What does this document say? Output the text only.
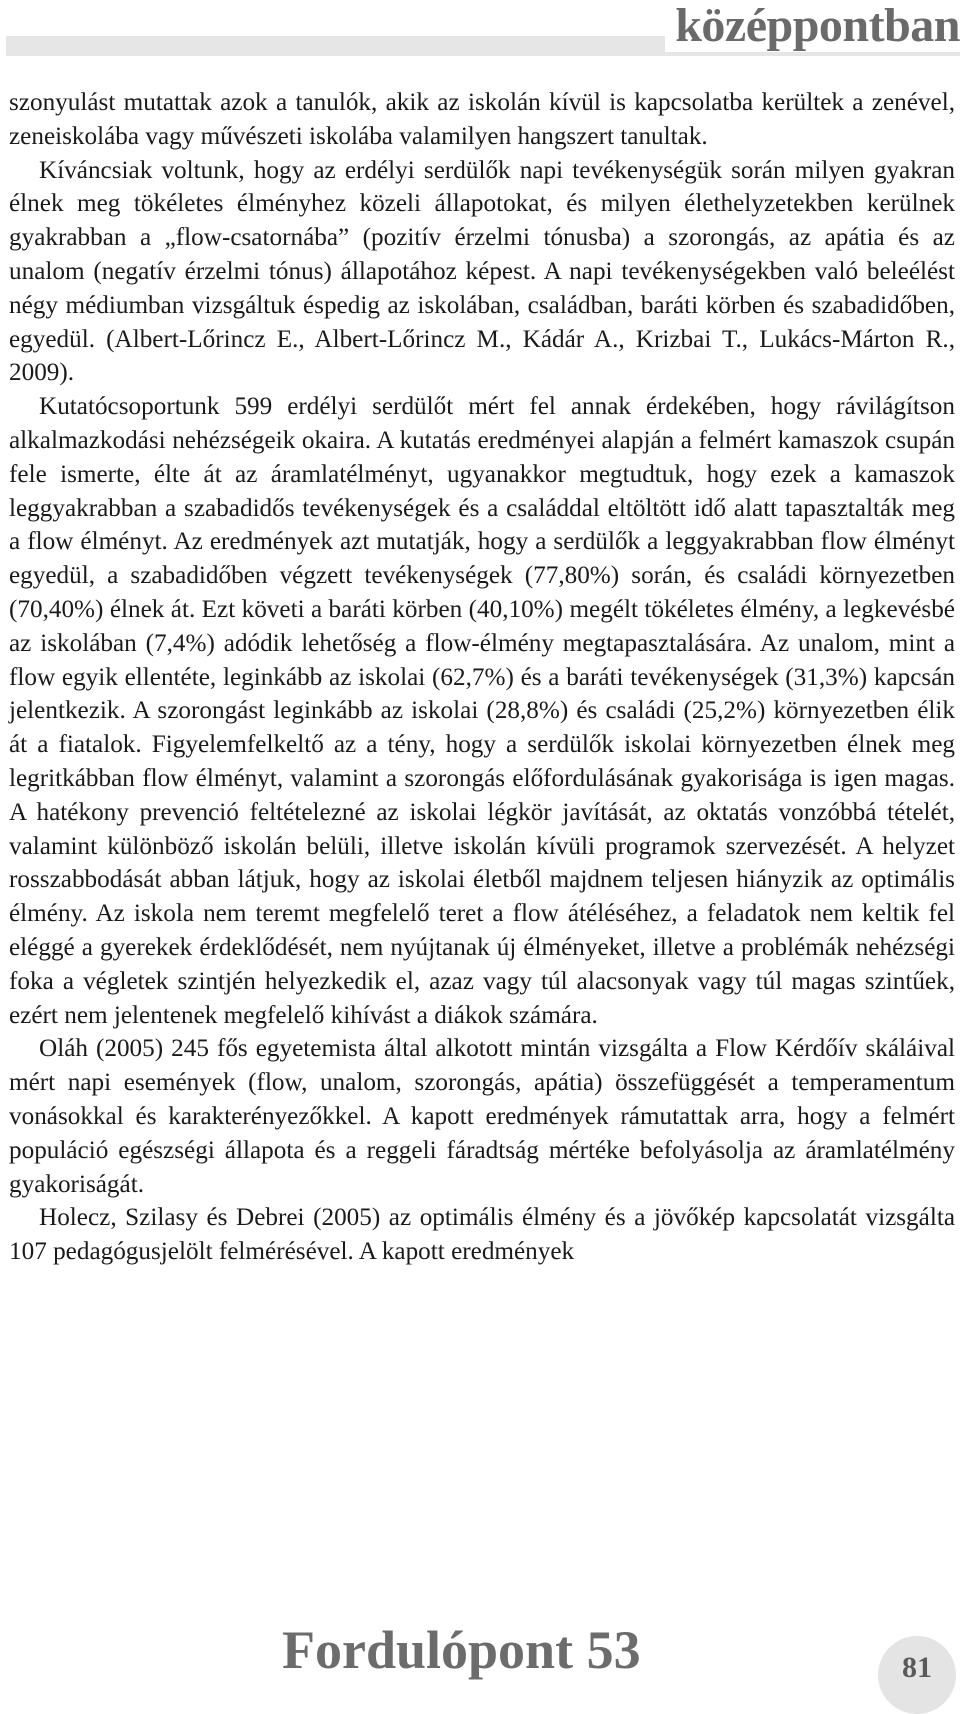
középpontban

szonyulást mutattak azok a tanulók, akik az iskolán kívül is kapcsolatba kerültek a zenével, zeneiskolába vagy művészeti iskolába valamilyen hangszert tanultak.

Kíváncsiak voltunk, hogy az erdélyi serdülők napi tevékenységük során milyen gyakran élnek meg tökéletes élményhez közeli állapotokat, és milyen élethelyzetekben kerülnek gyakrabban a „flow-csatornába” (pozitív érzelmi tónusba) a szorongás, az apátia és az unalom (negatív érzelmi tónus) állapotához képest. A napi tevékenységekben való beleélést négy médiumban vizsgáltuk éspedig az iskolában, családban, baráti körben és szabadidőben, egyedül. (Albert-Lőrincz E., Albert-Lőrincz M., Kádár A., Krizbai T., Lukács-Márton R., 2009).

Kutatócsoportunk 599 erdélyi serdülőt mért fel annak érdekében, hogy rávilágítson alkalmazkodási nehézségeik okaira. A kutatás eredményei alapján a felmért kamaszok csupán fele ismerte, élte át az áramlatélményt, ugyanakkor megtudtuk, hogy ezek a kamaszok leggyakrabban a szabadidős tevékenységek és a családdal eltöltött idő alatt tapasztalták meg a flow élményt. Az eredmények azt mutatják, hogy a serdülők a leggyakrabban flow élményt egyedül, a szabadidőben végzett tevékenységek (77,80%) során, és családi környezetben (70,40%) élnek át. Ezt követi a baráti körben (40,10%) megélt tökéletes élmény, a legkevésbé az iskolában (7,4%) adódik lehetőség a flow-élmény megtapasztalására. Az unalom, mint a flow egyik ellentéte, leginkább az iskolai (62,7%) és a baráti tevékenységek (31,3%) kapcsán jelentkezik. A szorongást leginkább az iskolai (28,8%) és családi (25,2%) környezetben élik át a fiatalok. Figyelemfelkeltő az a tény, hogy a serdülők iskolai környezetben élnek meg legritkábban flow élményt, valamint a szorongás előfordulásának gyakorisága is igen magas. A hatékony prevenció feltételezné az iskolai légkör javítását, az oktatás vonzóbbá tételét, valamint különböző iskolán belüli, illetve iskolán kívüli programok szervezését. A helyzet rosszabbodását abban látjuk, hogy az iskolai életből majdnem teljesen hiányzik az optimális élmény. Az iskola nem teremt megfelelő teret a flow átéléséhez, a feladatok nem keltik fel eléggé a gyerekek érdeklődését, nem nyújtanak új élményeket, illetve a problémák nehézségi foka a végletek szintjén helyezkedik el, azaz vagy túl alacsonyak vagy túl magas szintűek, ezért nem jelentenek megfelelő kihívást a diákok számára.

Oláh (2005) 245 fős egyetemista által alkotott mintán vizsgálta a Flow Kérdőív skáláival mért napi események (flow, unalom, szorongás, apátia) összefüggését a temperamentum vonásokkal és karakterényezőkkel. A kapott eredmények rámutattak arra, hogy a felmért populáció egészségi állapota és a reggeli fáradtság mértéke befolyásolja az áramlatélmény gyakoriságát.

Holecz, Szilasy és Debrei (2005) az optimális élmény és a jövőkép kapcsolatát vizsgálta 107 pedagógusjelölt felmérésével. A kapott eredmények

Fordulópont 53	81
